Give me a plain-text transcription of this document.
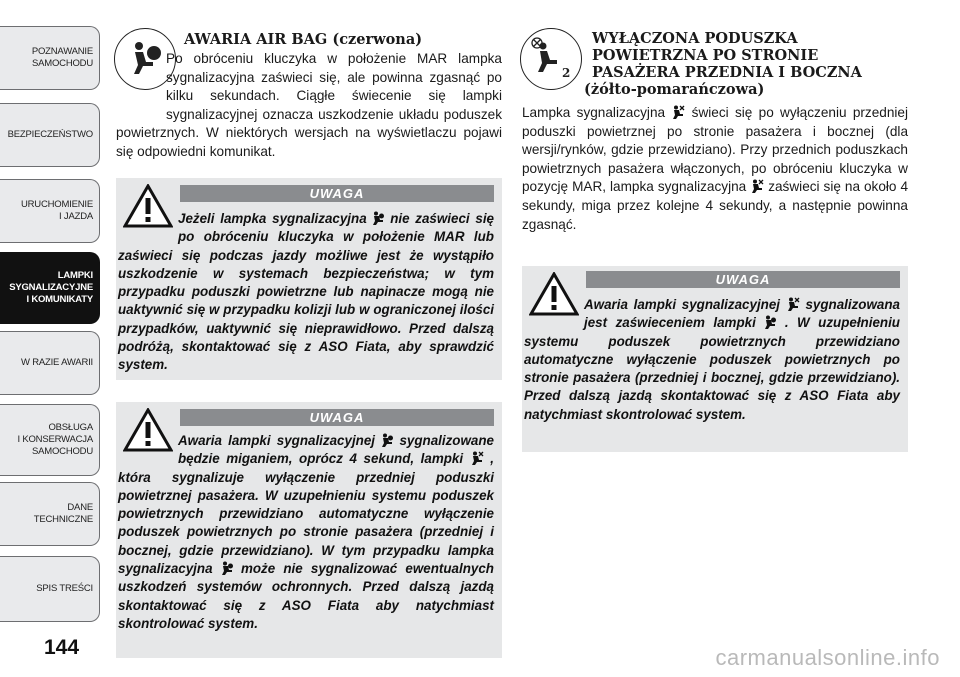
POZNAWANIE
SAMOCHODU
BEZPIECZEŃSTWO
URUCHOMIENIE
I JAZDA
LAMPKI
SYGNALIZACYJNE
I KOMUNIKATY
W RAZIE AWARII
OBSŁUGA
I KONSERWACJA
SAMOCHODU
DANE
TECHNICZNE
SPIS TREŚCI
144
AWARIA AIR BAG (czerwona)
Po obróceniu kluczyka w położenie MAR lampka sygnalizacyjna zaświeci się, ale powinna zgasnąć po kilku sekundach. Ciągłe świecenie się lampki sygnalizacyjnej oznacza uszkodzenie układu poduszek powietrznych. W niektórych wersjach na wyświetlaczu pojawi się odpowiedni komunikat.
UWAGA
Jeżeli lampka sygnalizacyjna nie zaświeci się po obróceniu kluczyka w położenie MAR lub zaświeci się podczas jazdy możliwe jest że wystąpiło uszkodzenie w systemach bezpieczeństwa; w tym przypadku poduszki powietrzne lub napinacze mogą nie uaktywnić się w przypadku kolizji lub w ograniczonej ilości przypadków, uaktywnić się nieprawidłowo. Przed dalszą podróżą, skontaktować się z ASO Fiata, aby sprawdzić system.
UWAGA
Awaria lampki sygnalizacyjnej sygnalizowane będzie miganiem, oprócz 4 sekund, lampki , która sygnalizuje wyłączenie przedniej poduszki powietrznej pasażera. W uzupełnieniu systemu poduszek powietrznych przewidziano automatyczne wyłączenie poduszek powietrznych po stronie pasażera (przedniej i bocznej, gdzie przewidziano). W tym przypadku lampka sygnalizacyjna może nie sygnalizować ewentualnych uszkodzeń systemów ochronnych. Przed dalszą jazdą skontaktować się z ASO Fiata aby natychmiast skontrolować system.
2
WYŁĄCZONA PODUSZKA
POWIETRZNA PO STRONIE
PASAŻERA PRZEDNIA I BOCZNA
(żółto-pomarańczowa)
Lampka sygnalizacyjna świeci się po wyłączeniu przedniej poduszki powietrznej po stronie pasażera i bocznej (dla wersji/rynków, gdzie przewidziano). Przy przednich poduszkach powietrznych pasażera włączonych, po obróceniu kluczyka w pozycję MAR, lampka sygnalizacyjna zaświeci się na około 4 sekundy, miga przez kolejne 4 sekundy, a następnie powinna zgasnąć.
UWAGA
Awaria lampki sygnalizacyjnej sygnalizowana jest zaświeceniem lampki . W uzupełnieniu systemu poduszek powietrznych przewidziano automatyczne wyłączenie poduszek powietrznych po stronie pasażera (przedniej i bocznej, gdzie przewidziano). Przed dalszą jazdą skontaktować się z ASO Fiata aby natychmiast skontrolować system.
carmanualsonline.info
